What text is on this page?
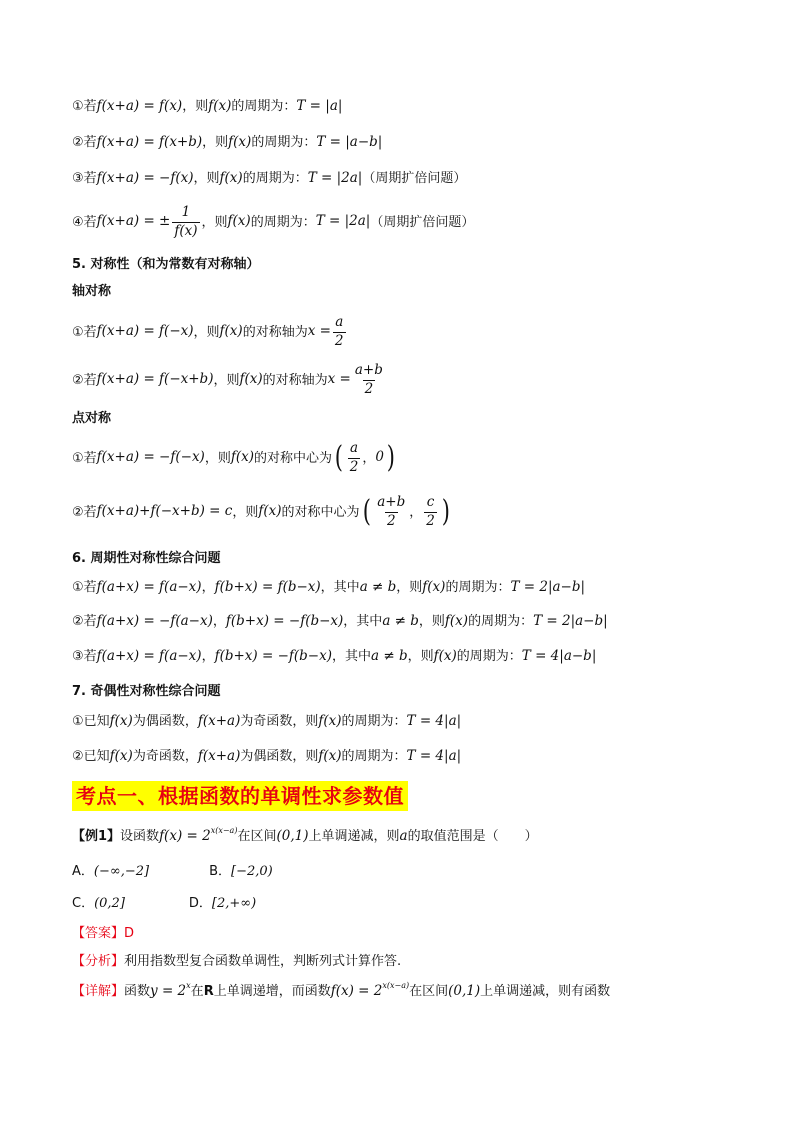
①若 f(x+a) = f(x) ，则 f(x) 的周期为： T = |a|
②若 f(x+a) = f(x+b) ，则 f(x) 的周期为： T = |a−b|
③若 f(x+a) = −f(x) ，则 f(x) 的周期为： T = |2a| （周期扩倍问题）
④若 f(x+a) = ± $\frac{1}{f(x)}$ ，则 f(x) 的周期为： T = |2a| （周期扩倍问题）
5. 对称性（和为常数有对称轴）
轴对称
①若 f(x+a) = f(−x) ，则 f(x) 的对称轴为 $x = \frac{a}{2}$
②若 f(x+a) = f(−x+b) ，则 f(x) 的对称轴为 $x = \frac{a+b}{2}$
点对称
①若 f(x+a) = −f(−x) ，则 f(x) 的对称中心为 ( $\frac{a}{2}$ ， 0 )
②若 f(x+a)+f(−x+b) = c ，则 f(x) 的对称中心为 ( $\frac{a+b}{2}$ ， $\frac{c}{2}$ )
6. 周期性对称性综合问题
①若 f(a+x) = f(a−x) ， f(b+x) = f(b−x) ，其中 a ≠ b ，则 f(x) 的周期为： T = 2|a−b|
②若 f(a+x) = −f(a−x) ， f(b+x) = −f(b−x) ，其中 a ≠ b ，则 f(x) 的周期为： T = 2|a−b|
③若 f(a+x) = f(a−x) ， f(b+x) = −f(b−x) ，其中 a ≠ b ，则 f(x) 的周期为： T = 4|a−b|
7. 奇偶性对称性综合问题
①已知 f(x) 为偶函数， f(x+a) 为奇函数，则 f(x) 的周期为： T = 4|a|
②已知 f(x) 为奇函数， f(x+a) 为偶函数，则 f(x) 的周期为： T = 4|a|
考点一、根据函数的单调性求参数值
【例1】 设函数 f(x) = 2 x(x−a) 在区间 (0,1) 上单调递减，则 a 的取值范围是（　　）
A．(−∞,−2]	B．[−2,0)
C．(0,2]	D．[2,+∞)
【答案】 D
【分析】 利用指数型复合函数单调性，判断列式计算作答.
【详解】 函数 y = 2 x 在 R 上单调递增，而函数 f(x) = 2 x(x−a) 在区间 (0,1) 上单调递减，则有函数
